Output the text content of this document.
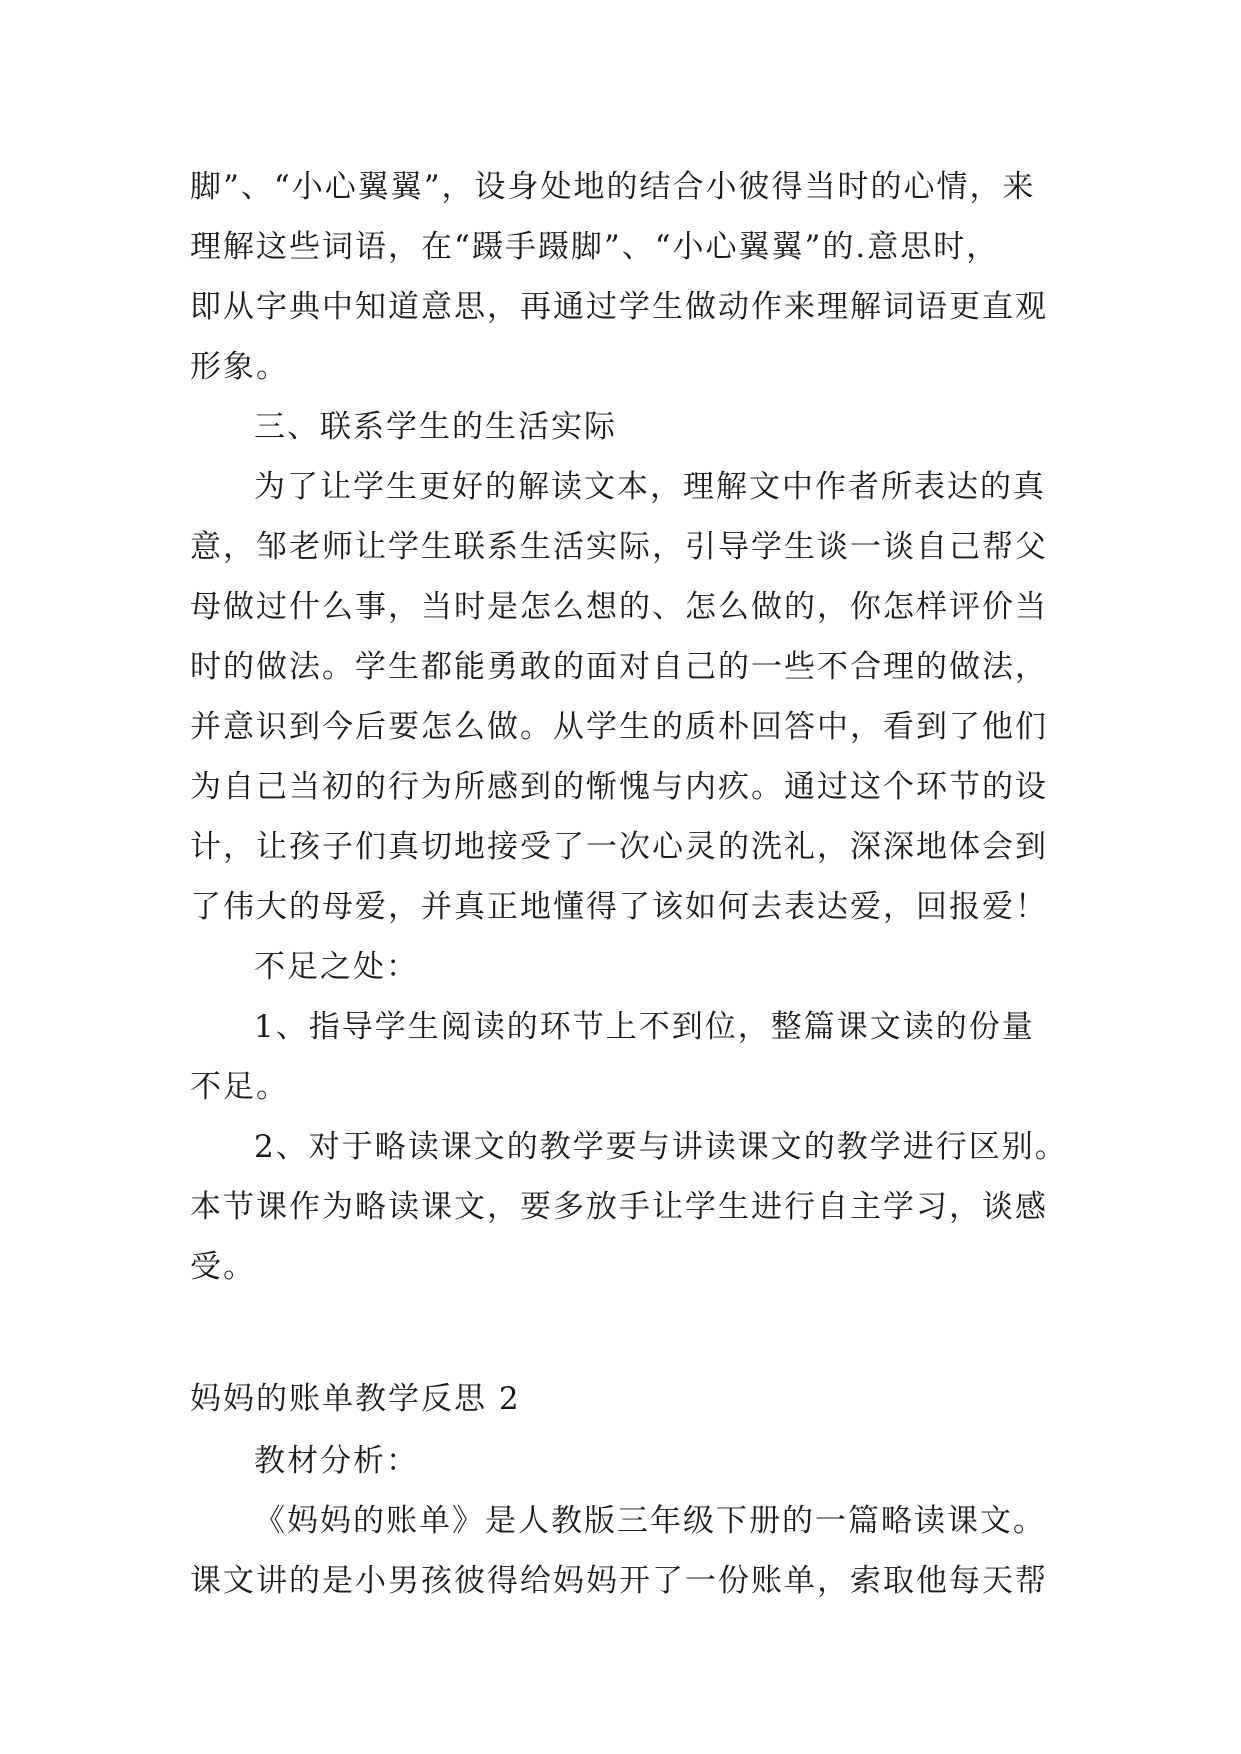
脚”、“小心翼翼”，设身处地的结合小彼得当时的心情，来
理解这些词语，在“蹑手蹑脚”、“小心翼翼”的.意思时，
即从字典中知道意思，再通过学生做动作来理解词语更直观
形象。
三、联系学生的生活实际
为了让学生更好的解读文本，理解文中作者所表达的真
意，邹老师让学生联系生活实际，引导学生谈一谈自己帮父
母做过什么事，当时是怎么想的、怎么做的，你怎样评价当
时的做法。学生都能勇敢的面对自己的一些不合理的做法，
并意识到今后要怎么做。从学生的质朴回答中，看到了他们
为自己当初的行为所感到的惭愧与内疚。通过这个环节的设
计，让孩子们真切地接受了一次心灵的洗礼，深深地体会到
了伟大的母爱，并真正地懂得了该如何去表达爱，回报爱！
不足之处：
1、指导学生阅读的环节上不到位，整篇课文读的份量
不足。
2、对于略读课文的教学要与讲读课文的教学进行区别。
本节课作为略读课文，要多放手让学生进行自主学习，谈感
受。
妈妈的账单教学反思 2
教材分析：
《妈妈的账单》是人教版三年级下册的一篇略读课文。
课文讲的是小男孩彼得给妈妈开了一份账单，索取他每天帮
